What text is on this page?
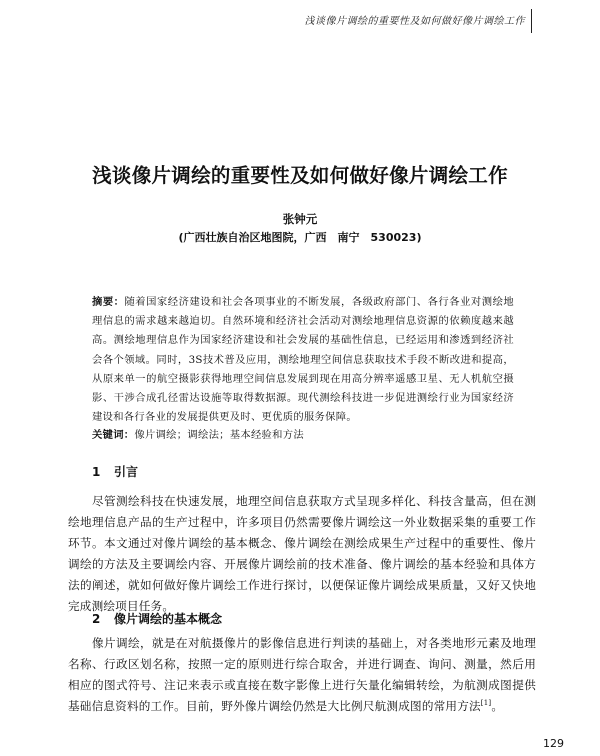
浅谈像片调绘的重要性及如何做好像片调绘工作
浅谈像片调绘的重要性及如何做好像片调绘工作
张钟元
(广西壮族自治区地图院，广西　南宁　530023)
摘要：随着国家经济建设和社会各项事业的不断发展，各级政府部门、各行各业对测绘地理信息的需求越来越迫切。自然环境和经济社会活动对测绘地理信息资源的依赖度越来越高。测绘地理信息作为国家经济建设和社会发展的基础性信息，已经运用和渗透到经济社会各个领域。同时，3S技术普及应用，测绘地理空间信息获取技术手段不断改进和提高，从原来单一的航空摄影获得地理空间信息发展到现在用高分辨率遥感卫星、无人机航空摄影、干涉合成孔径雷达设施等取得数据源。现代测绘科技进一步促进测绘行业为国家经济建设和各行各业的发展提供更及时、更优质的服务保障。
关键词：像片调绘；调绘法；基本经验和方法
1 引言
尽管测绘科技在快速发展，地理空间信息获取方式呈现多样化、科技含量高，但在测绘地理信息产品的生产过程中，许多项目仍然需要像片调绘这一外业数据采集的重要工作环节。本文通过对像片调绘的基本概念、像片调绘在测绘成果生产过程中的重要性、像片调绘的方法及主要调绘内容、开展像片调绘前的技术准备、像片调绘的基本经验和具体方法的阐述，就如何做好像片调绘工作进行探讨，以便保证像片调绘成果质量，又好又快地完成测绘项目任务。
2 像片调绘的基本概念
像片调绘，就是在对航摄像片的影像信息进行判读的基础上，对各类地形元素及地理名称、行政区划名称，按照一定的原则进行综合取舍，并进行调查、询问、测量，然后用相应的图式符号、注记来表示或直接在数字影像上进行矢量化编辑转绘，为航测成图提供基础信息资料的工作。目前，野外像片调绘仍然是大比例尺航测成图的常用方法[1]。
129
